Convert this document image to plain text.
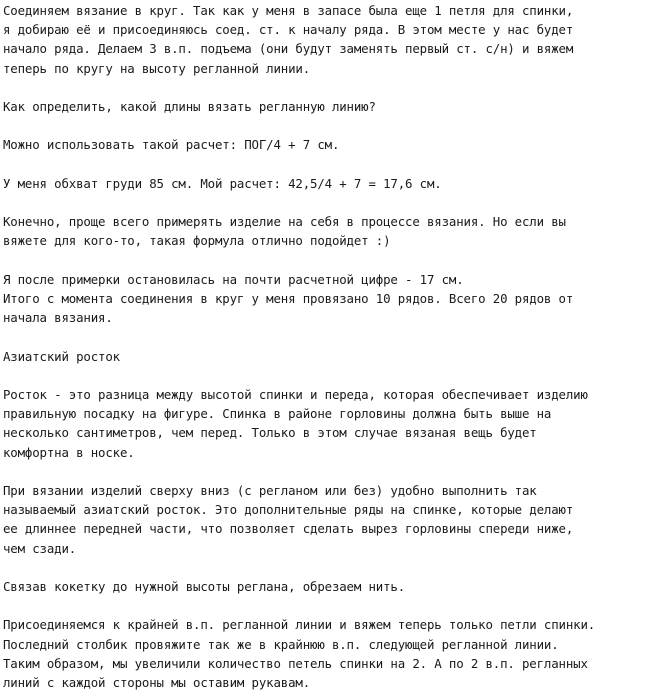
Соединяем вязание в круг. Так как у меня в запасе была еще 1 петля для спинки,
я добираю её и присоединяюсь соед. ст. к началу ряда. В этом месте у нас будет
начало ряда. Делаем 3 в.п. подъема (они будут заменять первый ст. с/н) и вяжем
теперь по кругу на высоту регланной линии.

Как определить, какой длины вязать регланную линию?

Можно использовать такой расчет: ПОГ/4 + 7 см.

У меня обхват груди 85 см. Мой расчет: 42,5/4 + 7 = 17,6 см.

Конечно, проще всего примерять изделие на себя в процессе вязания. Но если вы
вяжете для кого-то, такая формула отлично подойдет :)

Я после примерки остановилась на почти расчетной цифре - 17 см.
Итого с момента соединения в круг у меня провязано 10 рядов. Всего 20 рядов от
начала вязания.

Азиатский росток

Росток - это разница между высотой спинки и переда, которая обеспечивает изделию
правильную посадку на фигуре. Спинка в районе горловины должна быть выше на
несколько сантиметров, чем перед. Только в этом случае вязаная вещь будет
комфортна в носке.

При вязании изделий сверху вниз (с регланом или без) удобно выполнить так
называемый азиатский росток. Это дополнительные ряды на спинке, которые делают
ее длиннее передней части, что позволяет сделать вырез горловины спереди ниже,
чем сзади.

Связав кокетку до нужной высоты реглана, обрезаем нить.

Присоединяемся к крайней в.п. регланной линии и вяжем теперь только петли спинки.
Последний столбик провяжите так же в крайнюю в.п. следующей регланной линии.
Таким образом, мы увеличили количество петель спинки на 2. А по 2 в.п. регланных
линий с каждой стороны мы оставим рукавам.
